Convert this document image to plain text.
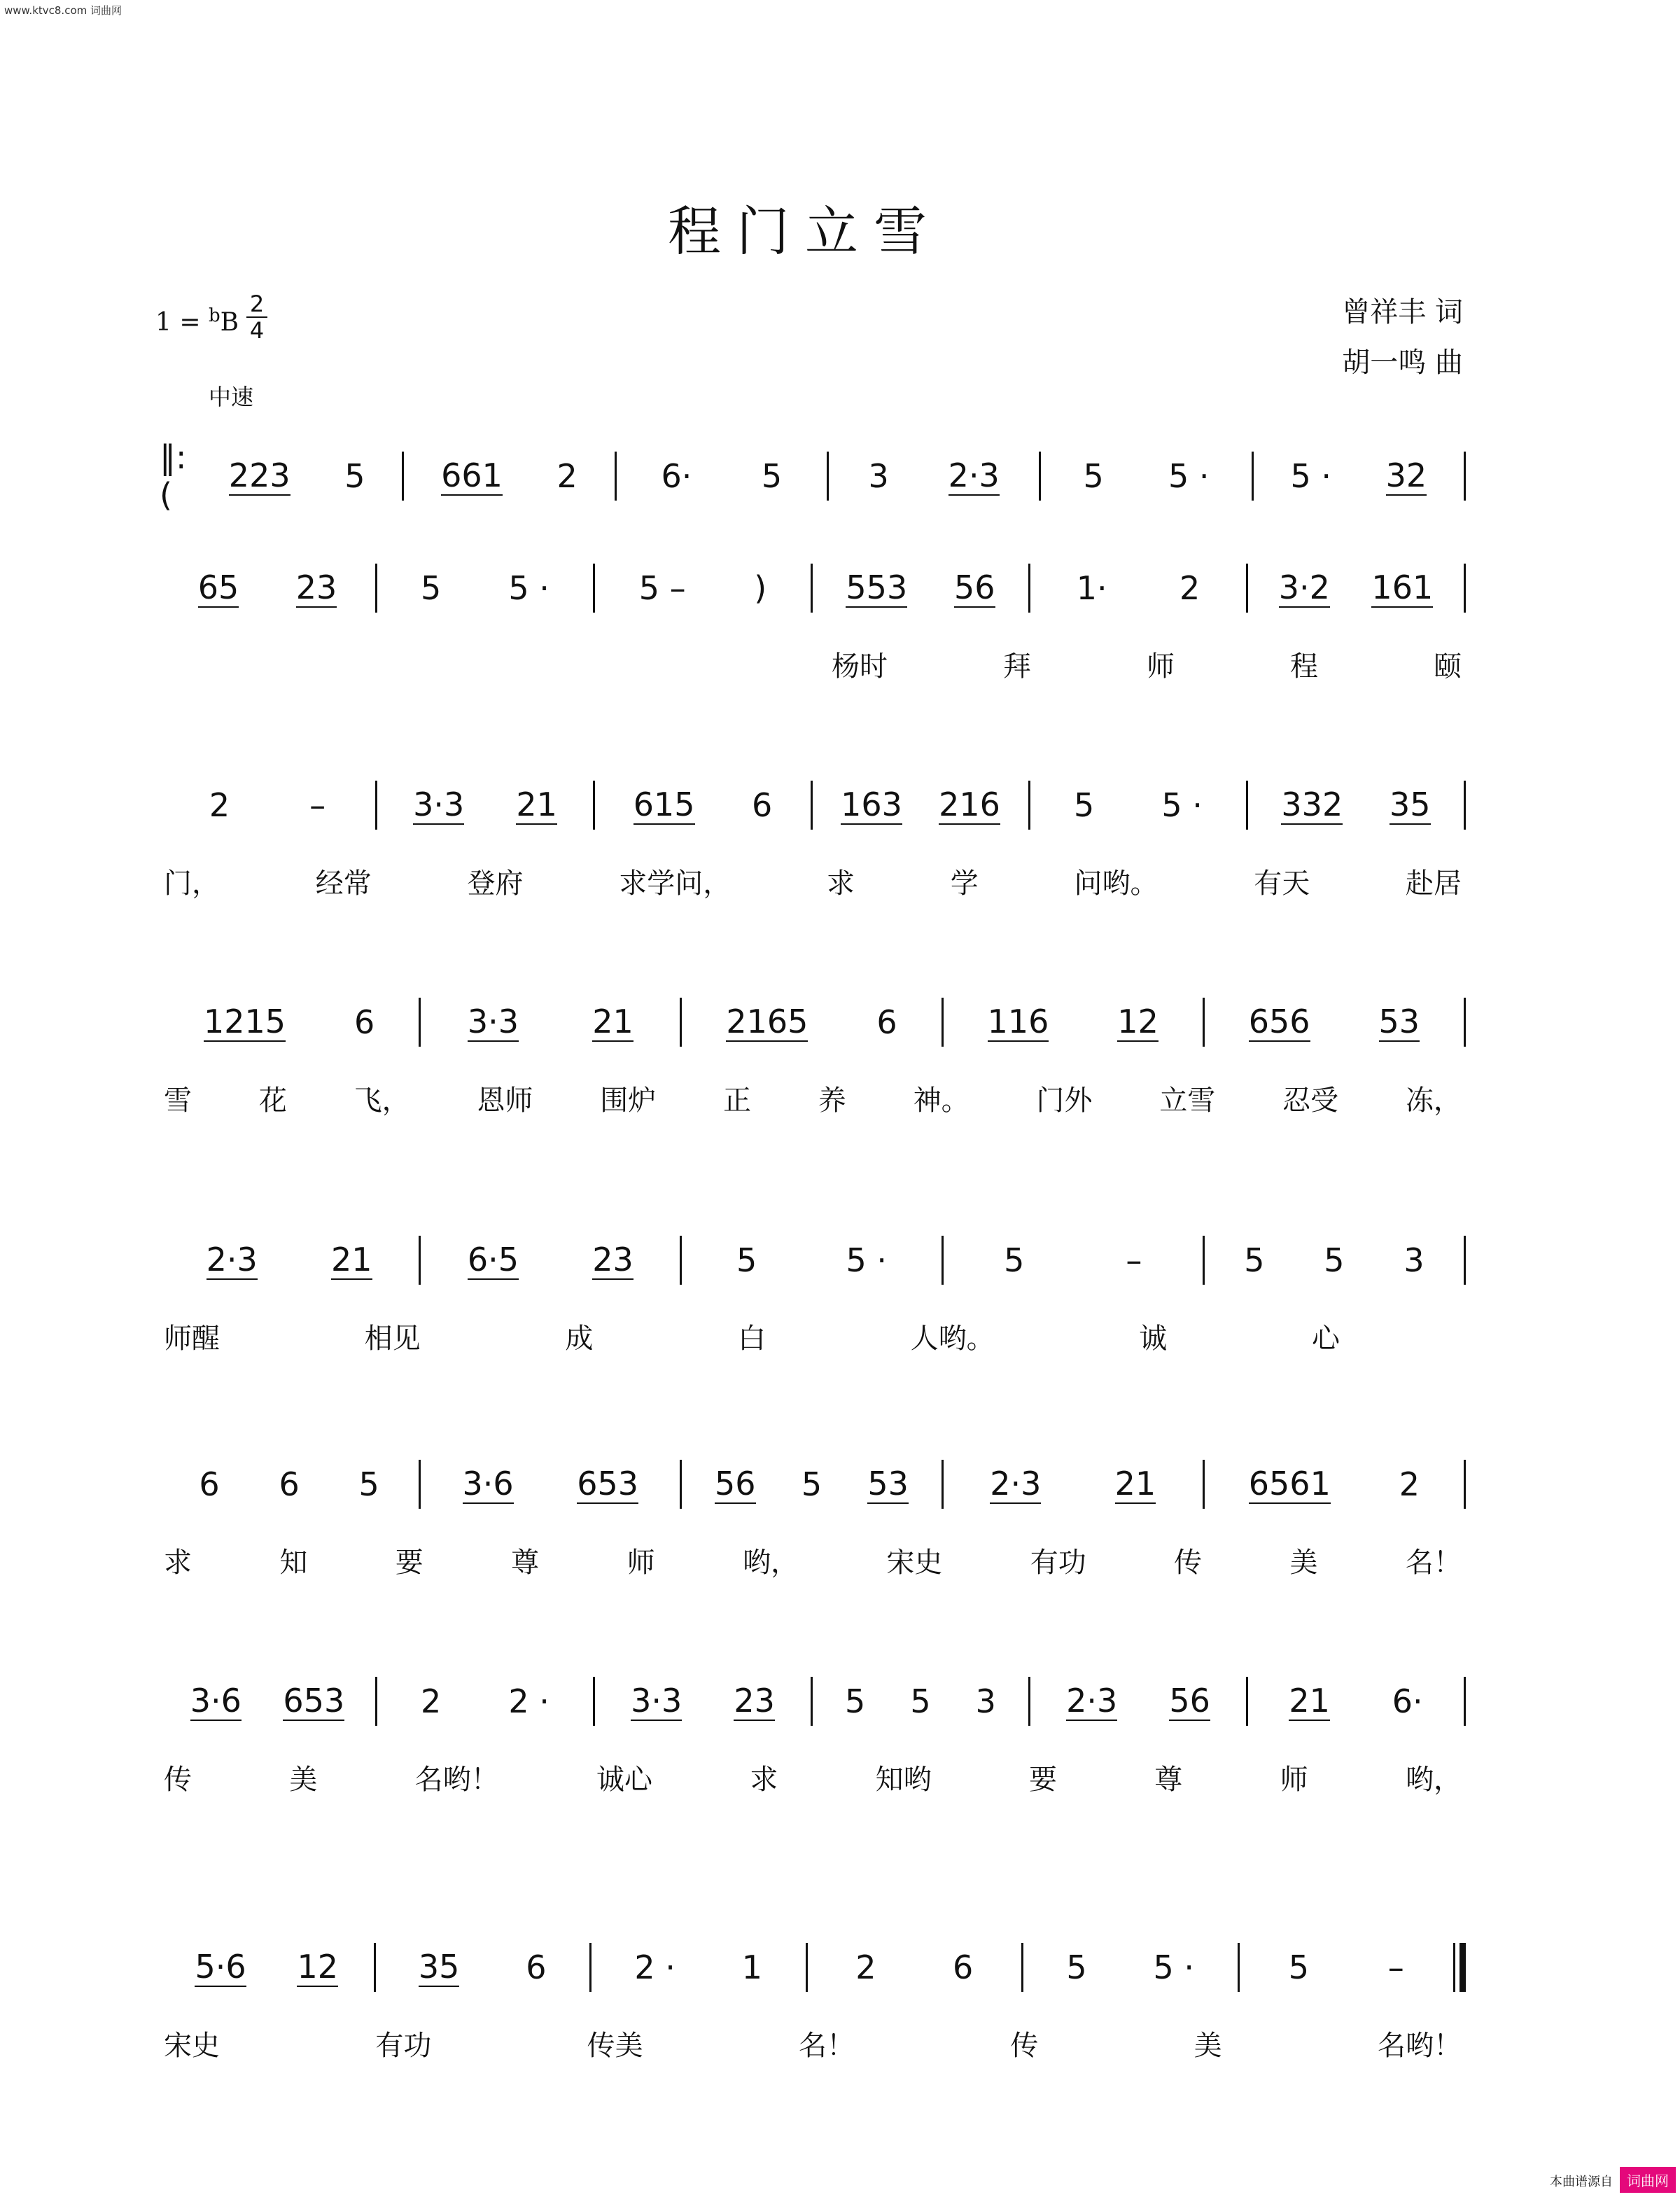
www.ktvc8.com 词曲网
本曲谱源自	词曲网
程门立雪
曾祥丰 词
胡一鸣 曲
1 = $^b$B
2
4
中速
‖:(
223 5 661 2	6· 5	3 2·3	5 5 ·	5 · 32
65 23	5 5 ·	5 – ) 553 56	1· 2 3·2 161
杨时	拜	师	程	颐
2 –	3·3 21 615 6 163 216 5 5 · 332 35
门，	经常	登府	求学问，	求	学	问哟。	有天	赴居
1215 6	3·3 21	2165 6	116 12	656 53
雪 花 飞， 恩师 围炉 正 养 神。 门外 立雪 忍受 冻，
2·3 21	6·5 23	5	5 ·	5	–	5 5 3
师醒	相见	成	白	人哟。	诚	心
6 6 5	3·6 653 56 5 53	2·3 21	6561 2
求	知	要	尊	师	哟，	宋史	有功	传	美	名！
3·6 653 2 2 ·	3·3 23 5 5 3 2·3 56 21 6·
传	美	名哟！	诚心	求	知哟	要	尊	师	哟，
5·6 12 35 6	2 · 1	2 6	5 5 ·	5 –
宋史	有功	传美	名！	传	美	名哟！
